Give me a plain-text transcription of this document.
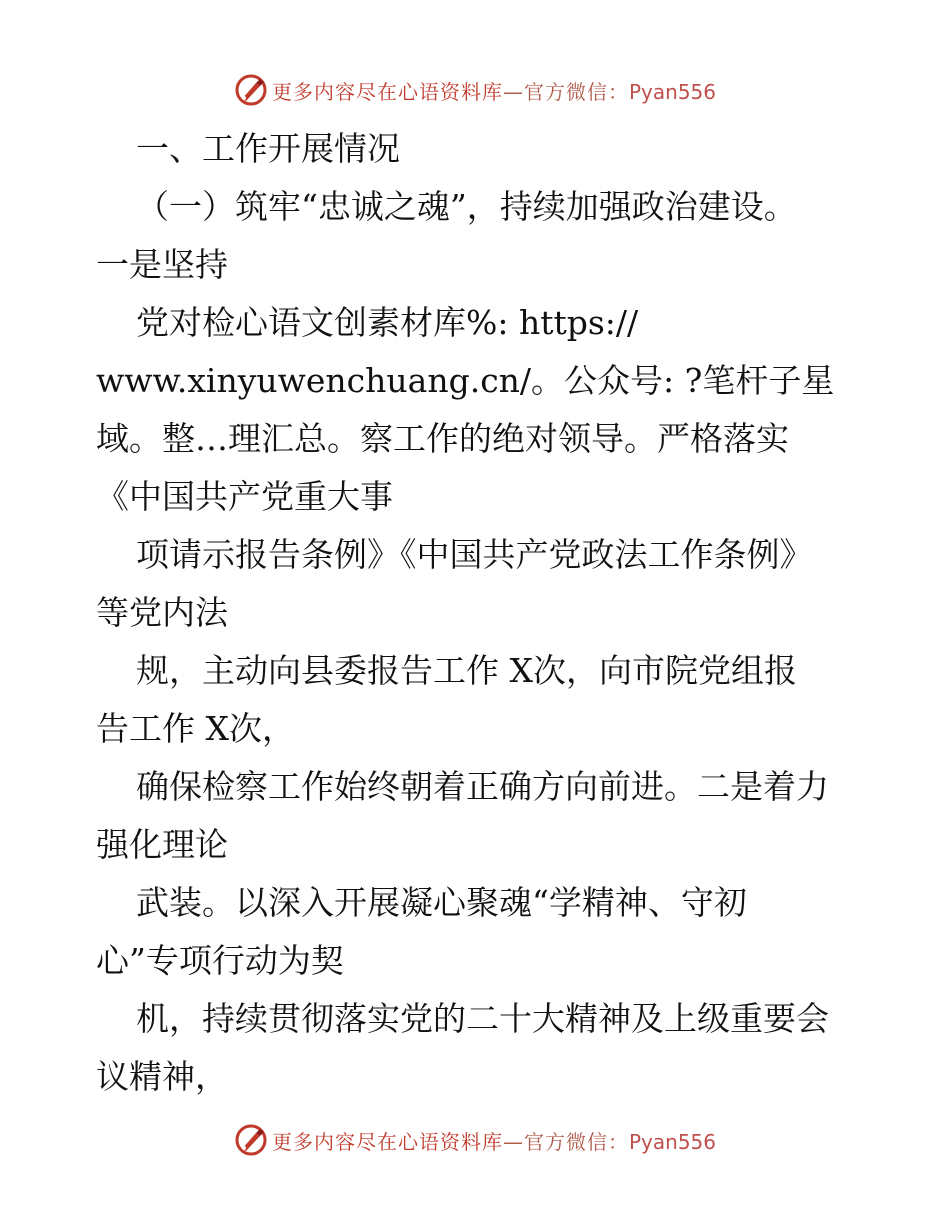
更多内容尽在心语资料库—官方微信：Pyan556
一、工作开展情况
（一）筑牢“忠诚之魂”，持续加强政治建设。
一是坚持
党对检心语文创素材库%: https://
www.xinyuwenchuang.cn/。公众号: ?笔杆子星
域。整…理汇总。察工作的绝对领导。严格落实
《中国共产党重大事
项请示报告条例》《中国共产党政法工作条例》
等党内法
规，主动向县委报告工作 X次，向市院党组报
告工作 X次，
确保检察工作始终朝着正确方向前进。二是着力
强化理论
武装。以深入开展凝心聚魂“学精神、守初
心”专项行动为契
机，持续贯彻落实党的二十大精神及上级重要会
议精神，
更多内容尽在心语资料库—官方微信：Pyan556
